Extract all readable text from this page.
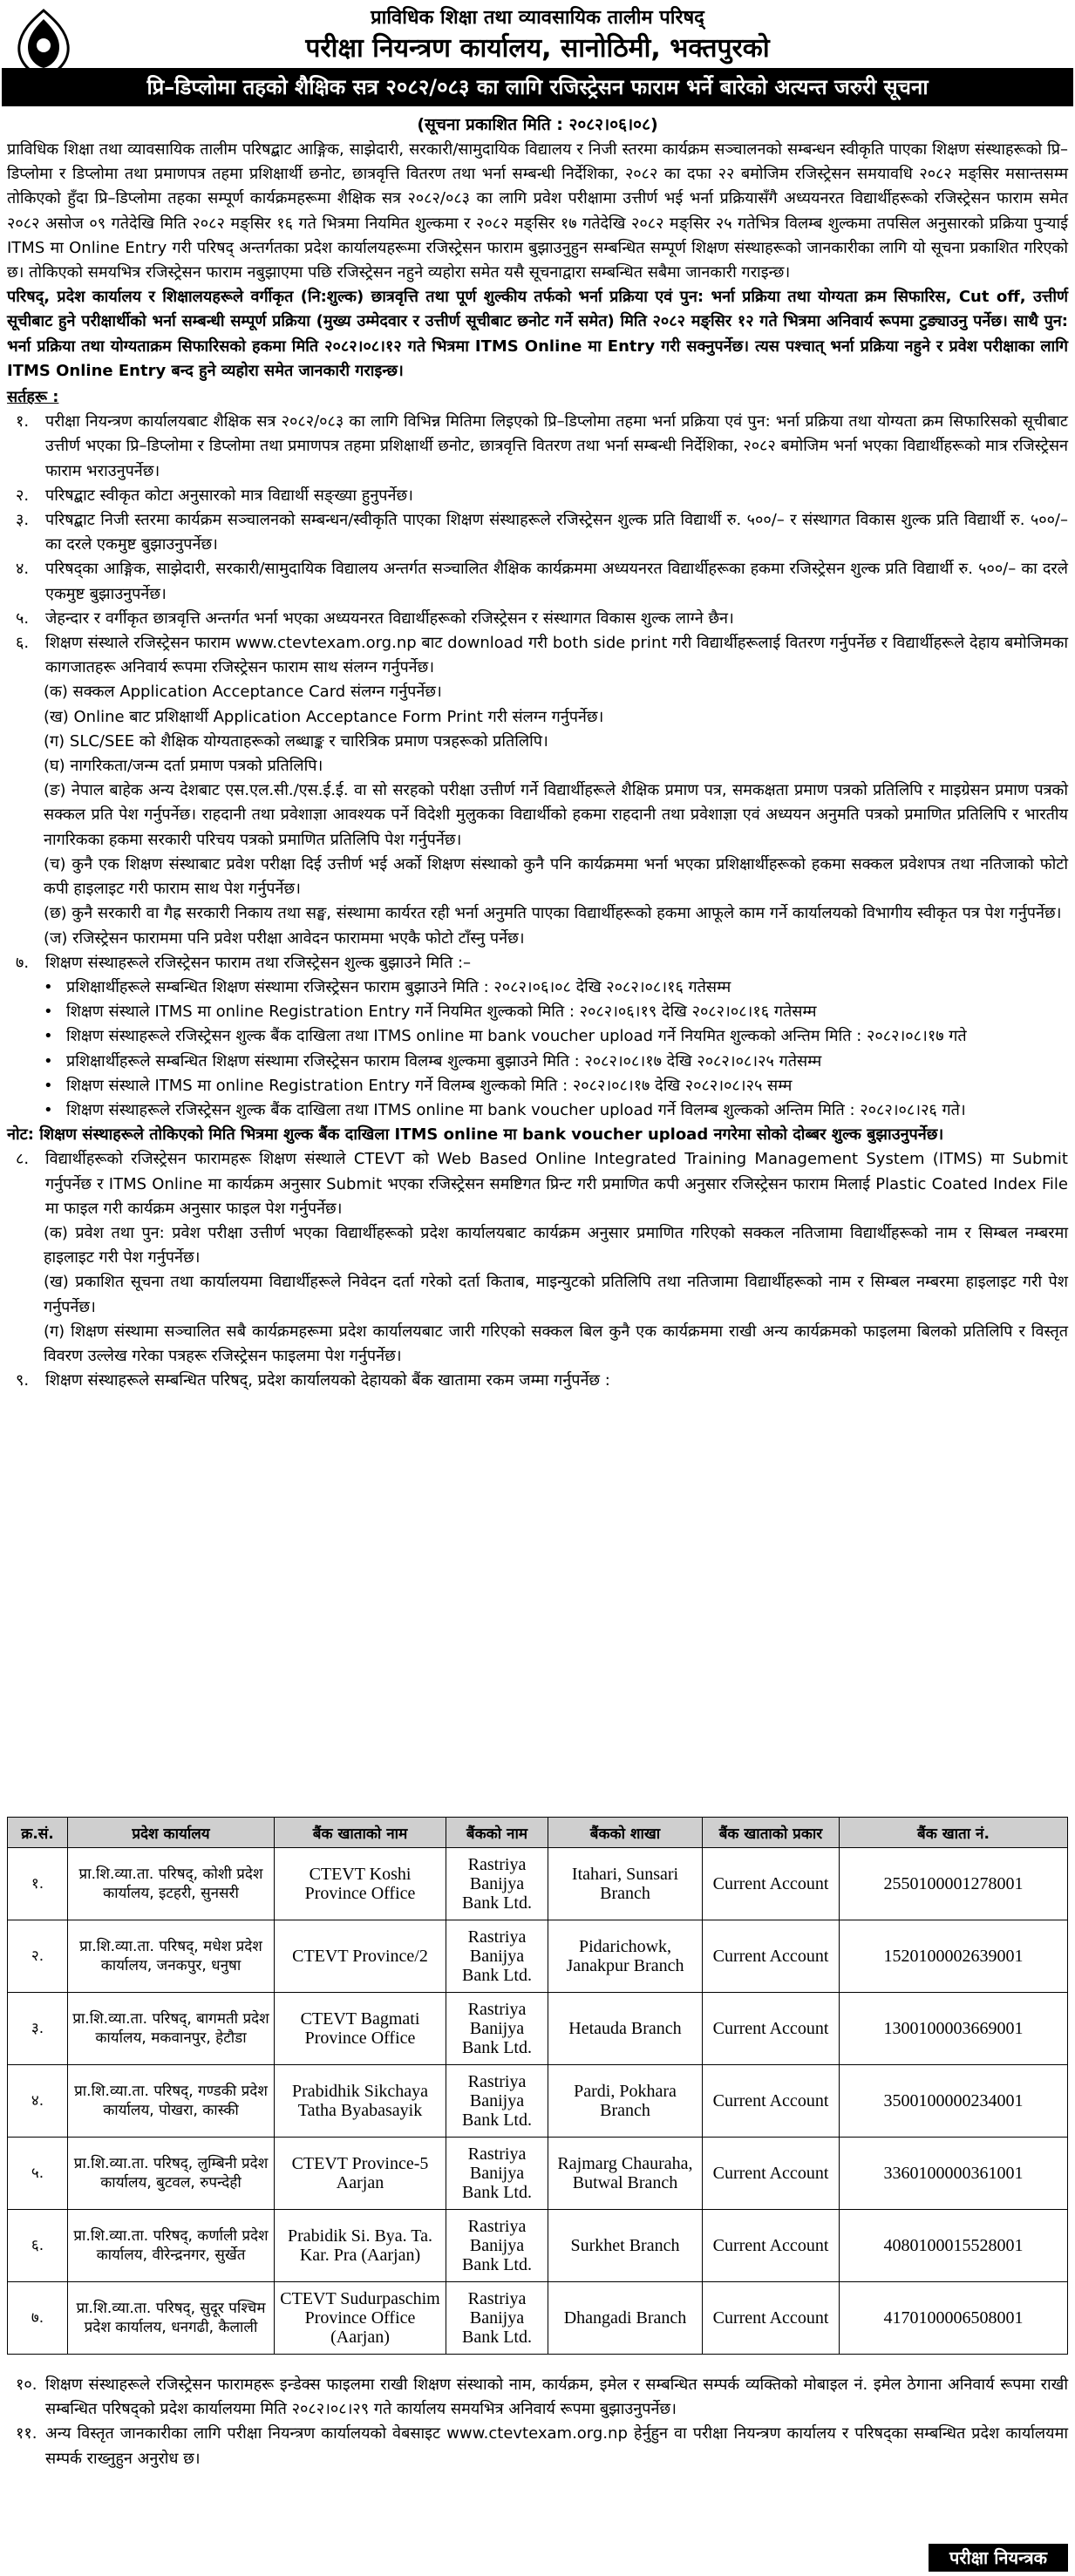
प्राविधिक शिक्षा तथा व्यावसायिक तालीम परिषद्
परीक्षा नियन्त्रण कार्यालय, सानोठिमी, भक्तपुरको
प्रि–डिप्लोमा तहको शैक्षिक सत्र २०८२/०८३ का लागि रजिस्ट्रेसन फाराम भर्ने बारेको अत्यन्त जरुरी सूचना
(सूचना प्रकाशित मिति : २०८२।०६।०८)

प्राविधिक शिक्षा तथा व्यावसायिक तालीम परिषद्बाट आङ्गिक, साझेदारी, सरकारी/सामुदायिक विद्यालय र निजी स्तरमा कार्यक्रम सञ्चालनको सम्बन्धन स्वीकृति पाएका शिक्षण संस्थाहरूको प्रि–डिप्लोमा र डिप्लोमा तथा प्रमाणपत्र तहमा प्रशिक्षार्थी छनोट, छात्रवृत्ति वितरण तथा भर्ना सम्बन्धी निर्देशिका, २०८२ का दफा २२ बमोजिम रजिस्ट्रेसन समयावधि २०८२ मङ्सिर मसान्तसम्म तोकिएको हुँदा प्रि–डिप्लोमा तहका सम्पूर्ण कार्यक्रमहरूमा शैक्षिक सत्र २०८२/०८३ का लागि प्रवेश परीक्षामा उत्तीर्ण भई भर्ना प्रक्रियासँगै अध्ययनरत विद्यार्थीहरूको रजिस्ट्रेसन फाराम समेत २०८२ असोज ०९ गतेदेखि मिति २०८२ मङ्सिर १६ गते भित्रमा नियमित शुल्कमा र २०८२ मङ्सिर १७ गतेदेखि २०८२ मङ्सिर २५ गतेभित्र विलम्ब शुल्कमा तपसिल अनुसारको प्रक्रिया पुऱ्याई ITMS मा Online Entry गरी परिषद् अन्तर्गतका प्रदेश कार्यालयहरूमा रजिस्ट्रेसन फाराम बुझाउनुहुन सम्बन्धित सम्पूर्ण शिक्षण संस्थाहरूको जानकारीका लागि यो सूचना प्रकाशित गरिएको छ। तोकिएको समयभित्र रजिस्ट्रेसन फाराम नबुझाएमा पछि रजिस्ट्रेसन नहुने व्यहोरा समेत यसै सूचनाद्वारा सम्बन्धित सबैमा जानकारी गराइन्छ।

परिषद्, प्रदेश कार्यालय र शिक्षालयहरूले वर्गीकृत (नि:शुल्क) छात्रवृत्ति तथा पूर्ण शुल्कीय तर्फको भर्ना प्रक्रिया एवं पुन: भर्ना प्रक्रिया तथा योग्यता क्रम सिफारिस, Cut off, उत्तीर्ण सूचीबाट हुने परीक्षार्थीको भर्ना सम्बन्धी सम्पूर्ण प्रक्रिया (मुख्य उम्मेदवार र उत्तीर्ण सूचीबाट छनोट गर्ने समेत) मिति २०८२ मङ्सिर १२ गते भित्रमा अनिवार्य रूपमा टुङ्याउनु पर्नेछ। साथै पुन: भर्ना प्रक्रिया तथा योग्यताक्रम सिफारिसको हकमा मिति २०८२।०८।१२ गते भित्रमा ITMS Online मा Entry गरी सक्नुपर्नेछ। त्यस पश्चात् भर्ना प्रक्रिया नहुने र प्रवेश परीक्षाका लागि ITMS Online Entry बन्द हुने व्यहोरा समेत जानकारी गराइन्छ।

सर्तहरू :
१.	परीक्षा नियन्त्रण कार्यालयबाट शैक्षिक सत्र २०८२/०८३ का लागि विभिन्न मितिमा लिइएको प्रि–डिप्लोमा तहमा भर्ना प्रक्रिया एवं पुन: भर्ना प्रक्रिया तथा योग्यता क्रम सिफारिसको सूचीबाट उत्तीर्ण भएका प्रि–डिप्लोमा र डिप्लोमा तथा प्रमाणपत्र तहमा प्रशिक्षार्थी छनोट, छात्रवृत्ति वितरण तथा भर्ना सम्बन्धी निर्देशिका, २०८२ बमोजिम भर्ना भएका विद्यार्थीहरूको मात्र रजिस्ट्रेसन फाराम भराउनुपर्नेछ।
२.	परिषद्बाट स्वीकृत कोटा अनुसारको मात्र विद्यार्थी सङ्ख्या हुनुपर्नेछ।
३.	परिषद्बाट निजी स्तरमा कार्यक्रम सञ्चालनको सम्बन्धन/स्वीकृति पाएका शिक्षण संस्थाहरूले रजिस्ट्रेसन शुल्क प्रति विद्यार्थी रु. ५००/– र संस्थागत विकास शुल्क प्रति विद्यार्थी रु. ५००/– का दरले एकमुष्ट बुझाउनुपर्नेछ।
४.	परिषद्का आङ्गिक, साझेदारी, सरकारी/सामुदायिक विद्यालय अन्तर्गत सञ्चालित शैक्षिक कार्यक्रममा अध्ययनरत विद्यार्थीहरूका हकमा रजिस्ट्रेसन शुल्क प्रति विद्यार्थी रु. ५००/– का दरले एकमुष्ट बुझाउनुपर्नेछ।
५.	जेहन्दार र वर्गीकृत छात्रवृत्ति अन्तर्गत भर्ना भएका अध्ययनरत विद्यार्थीहरूको रजिस्ट्रेसन र संस्थागत विकास शुल्क लाग्ने छैन।
६.	शिक्षण संस्थाले रजिस्ट्रेसन फाराम www.ctevtexam.org.np बाट download गरी both side print गरी विद्यार्थीहरूलाई वितरण गर्नुपर्नेछ र विद्यार्थीहरूले देहाय बमोजिमका कागजातहरू अनिवार्य रूपमा रजिस्ट्रेसन फाराम साथ संलग्न गर्नुपर्नेछ।
(क) सक्कल Application Acceptance Card संलग्न गर्नुपर्नेछ।
(ख) Online बाट प्रशिक्षार्थी Application Acceptance Form Print गरी संलग्न गर्नुपर्नेछ।
(ग) SLC/SEE को शैक्षिक योग्यताहरूको लब्धाङ्क र चारित्रिक प्रमाण पत्रहरूको प्रतिलिपि।
(घ) नागरिकता/जन्म दर्ता प्रमाण पत्रको प्रतिलिपि।
(ङ) नेपाल बाहेक अन्य देशबाट एस.एल.सी./एस.ई.ई. वा सो सरहको परीक्षा उत्तीर्ण गर्ने विद्यार्थीहरूले शैक्षिक प्रमाण पत्र, समकक्षता प्रमाण पत्रको प्रतिलिपि र माइग्रेसन प्रमाण पत्रको सक्कल प्रति पेश गर्नुपर्नेछ। राहदानी तथा प्रवेशाज्ञा आवश्यक पर्ने विदेशी मुलुकका विद्यार्थीको हकमा राहदानी तथा प्रवेशाज्ञा एवं अध्ययन अनुमति पत्रको प्रमाणित प्रतिलिपि र भारतीय नागरिकका हकमा सरकारी परिचय पत्रको प्रमाणित प्रतिलिपि पेश गर्नुपर्नेछ।
(च) कुनै एक शिक्षण संस्थाबाट प्रवेश परीक्षा दिई उत्तीर्ण भई अर्को शिक्षण संस्थाको कुनै पनि कार्यक्रममा भर्ना भएका प्रशिक्षार्थीहरूको हकमा सक्कल प्रवेशपत्र तथा नतिजाको फोटो कपी हाइलाइट गरी फाराम साथ पेश गर्नुपर्नेछ।
(छ) कुनै सरकारी वा गैह्र सरकारी निकाय तथा सङ्घ, संस्थामा कार्यरत रही भर्ना अनुमति पाएका विद्यार्थीहरूको हकमा आफूले काम गर्ने कार्यालयको विभागीय स्वीकृत पत्र पेश गर्नुपर्नेछ।
(ज) रजिस्ट्रेसन फाराममा पनि प्रवेश परीक्षा आवेदन फाराममा भएकै फोटो टाँस्नु पर्नेछ।
७.	शिक्षण संस्थाहरूले रजिस्ट्रेसन फाराम तथा रजिस्ट्रेसन शुल्क बुझाउने मिति :–
• प्रशिक्षार्थीहरूले सम्बन्धित शिक्षण संस्थामा रजिस्ट्रेसन फाराम बुझाउने मिति : २०८२।०६।०८ देखि २०८२।०८।१६ गतेसम्म
• शिक्षण संस्थाले ITMS मा online Registration Entry गर्ने नियमित शुल्कको मिति : २०८२।०६।१९ देखि २०८२।०८।१६ गतेसम्म
• शिक्षण संस्थाहरूले रजिस्ट्रेसन शुल्क बैंक दाखिला तथा ITMS online मा bank voucher upload गर्ने नियमित शुल्कको अन्तिम मिति : २०८२।०८।१७ गते
• प्रशिक्षार्थीहरूले सम्बन्धित शिक्षण संस्थामा रजिस्ट्रेसन फाराम विलम्ब शुल्कमा बुझाउने मिति : २०८२।०८।१७ देखि २०८२।०८।२५ गतेसम्म
• शिक्षण संस्थाले ITMS मा online Registration Entry गर्ने विलम्ब शुल्कको मिति : २०८२।०८।१७ देखि २०८२।०८।२५ सम्म
• शिक्षण संस्थाहरूले रजिस्ट्रेसन शुल्क बैंक दाखिला तथा ITMS online मा bank voucher upload गर्ने विलम्ब शुल्कको अन्तिम मिति : २०८२।०८।२६ गते।
नोट: शिक्षण संस्थाहरूले तोकिएको मिति भित्रमा शुल्क बैंक दाखिला ITMS online मा bank voucher upload नगरेमा सोको दोब्बर शुल्क बुझाउनुपर्नेछ।
८.	विद्यार्थीहरूको रजिस्ट्रेसन फारामहरू शिक्षण संस्थाले CTEVT को Web Based Online Integrated Training Management System (ITMS) मा Submit गर्नुपर्नेछ र ITMS Online मा कार्यक्रम अनुसार Submit भएका रजिस्ट्रेसन समष्टिगत प्रिन्ट गरी प्रमाणित कपी अनुसार रजिस्ट्रेसन फाराम मिलाई Plastic Coated Index File मा फाइल गरी कार्यक्रम अनुसार फाइल पेश गर्नुपर्नेछ।
(क) प्रवेश तथा पुन: प्रवेश परीक्षा उत्तीर्ण भएका विद्यार्थीहरूको प्रदेश कार्यालयबाट कार्यक्रम अनुसार प्रमाणित गरिएको सक्कल नतिजामा विद्यार्थीहरूको नाम र सिम्बल नम्बरमा हाइलाइट गरी पेश गर्नुपर्नेछ।
(ख) प्रकाशित सूचना तथा कार्यालयमा विद्यार्थीहरूले निवेदन दर्ता गरेको दर्ता किताब, माइन्युटको प्रतिलिपि तथा नतिजामा विद्यार्थीहरूको नाम र सिम्बल नम्बरमा हाइलाइट गरी पेश गर्नुपर्नेछ।
(ग) शिक्षण संस्थामा सञ्चालित सबै कार्यक्रमहरूमा प्रदेश कार्यालयबाट जारी गरिएको सक्कल बिल कुनै एक कार्यक्रममा राखी अन्य कार्यक्रमको फाइलमा बिलको प्रतिलिपि र विस्तृत विवरण उल्लेख गरेका पत्रहरू रजिस्ट्रेसन फाइलमा पेश गर्नुपर्नेछ।
९.	शिक्षण संस्थाहरूले सम्बन्धित परिषद्, प्रदेश कार्यालयको देहायको बैंक खातामा रकम जम्मा गर्नुपर्नेछ :
क्र.सं.	प्रदेश कार्यालय	बैंक खाताको नाम	बैंकको नाम	बैंकको शाखा	बैंक खाताको प्रकार	बैंक खाता नं.
१.	प्रा.शि.व्या.ता. परिषद्, कोशी प्रदेश कार्यालय, इटहरी, सुनसरी	CTEVT Koshi Province Office	Rastriya Banijya Bank Ltd.	Itahari, Sunsari Branch	Current Account	2550100001278001
२.	प्रा.शि.व्या.ता. परिषद्, मधेश प्रदेश कार्यालय, जनकपुर, धनुषा	CTEVT Province/2	Rastriya Banijya Bank Ltd.	Pidarichowk, Janakpur Branch	Current Account	1520100002639001
३.	प्रा.शि.व्या.ता. परिषद्, बागमती प्रदेश कार्यालय, मकवानपुर, हेटौडा	CTEVT Bagmati Province Office	Rastriya Banijya Bank Ltd.	Hetauda Branch	Current Account	1300100003669001
४.	प्रा.शि.व्या.ता. परिषद्, गण्डकी प्रदेश कार्यालय, पोखरा, कास्की	Prabidhik Sikchaya Tatha Byabasayik	Rastriya Banijya Bank Ltd.	Pardi, Pokhara Branch	Current Account	3500100000234001
५.	प्रा.शि.व्या.ता. परिषद्, लुम्बिनी प्रदेश कार्यालय, बुटवल, रुपन्देही	CTEVT Province-5 Aarjan	Rastriya Banijya Bank Ltd.	Rajmarg Chauraha, Butwal Branch	Current Account	3360100000361001
६.	प्रा.शि.व्या.ता. परिषद्, कर्णाली प्रदेश कार्यालय, वीरेन्द्रनगर, सुर्खेत	Prabidik Si. Bya. Ta. Kar. Pra (Aarjan)	Rastriya Banijya Bank Ltd.	Surkhet Branch	Current Account	4080100015528001
७.	प्रा.शि.व्या.ता. परिषद्, सुदूर पश्चिम प्रदेश कार्यालय, धनगढी, कैलाली	CTEVT Sudurpaschim Province Office (Aarjan)	Rastriya Banijya Bank Ltd.	Dhangadi Branch	Current Account	4170100006508001
१०. शिक्षण संस्थाहरूले रजिस्ट्रेसन फारामहरू इन्डेक्स फाइलमा राखी शिक्षण संस्थाको नाम, कार्यक्रम, इमेल र सम्बन्धित सम्पर्क व्यक्तिको मोबाइल नं. इमेल ठेगाना अनिवार्य रूपमा राखी सम्बन्धित परिषद्को प्रदेश कार्यालयमा मिति २०८२।०८।२९ गते कार्यालय समयभित्र अनिवार्य रूपमा बुझाउनुपर्नेछ।
११. अन्य विस्तृत जानकारीका लागि परीक्षा नियन्त्रण कार्यालयको वेबसाइट www.ctevtexam.org.np हेर्नुहुन वा परीक्षा नियन्त्रण कार्यालय र परिषद्का सम्बन्धित प्रदेश कार्यालयमा सम्पर्क राख्नुहुन अनुरोध छ।
परीक्षा नियन्त्रक
